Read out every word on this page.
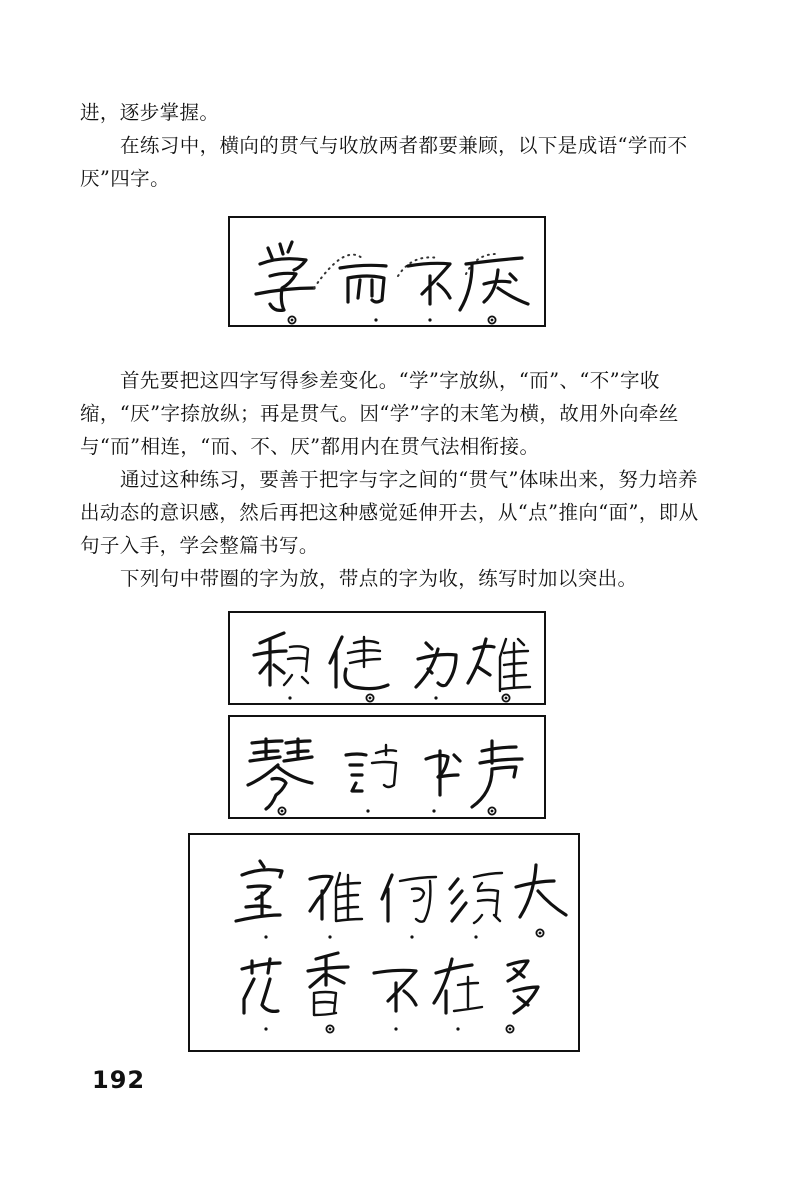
进，逐步掌握。

在练习中，横向的贯气与收放两者都要兼顾，以下是成语“学而不厌”四字。

首先要把这四字写得参差变化。“学”字放纵，“而”、“不”字收缩，“厌”字捺放纵；再是贯气。因“学”字的末笔为横，故用外向牵丝与“而”相连，“而、不、厌”都用内在贯气法相衔接。

通过这种练习，要善于把字与字之间的“贯气”体味出来，努力培养出动态的意识感，然后再把这种感觉延伸开去，从“点”推向“面”，即从句子入手，学会整篇书写。

下列句中带圈的字为放，带点的字为收，练写时加以突出。

192
